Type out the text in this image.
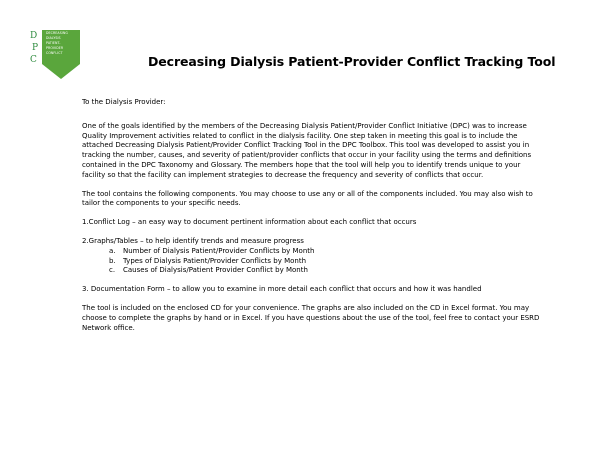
D
P
C
DECREASING
DIALYSIS
PATIENT-
PROVIDER
CONFLICT
Decreasing Dialysis Patient-Provider Conflict Tracking Tool

To the Dialysis Provider:

One of the goals identified by the members of the Decreasing Dialysis Patient/Provider Conflict Initiative (DPC) was to increase Quality Improvement activities related to conflict in the dialysis facility. One step taken in meeting this goal is to include the attached Decreasing Dialysis Patient/Provider Conflict Tracking Tool in the DPC Toolbox. This tool was developed to assist you in tracking the number, causes, and severity of patient/provider conflicts that occur in your facility using the terms and definitions contained in the DPC Taxonomy and Glossary. The members hope that the tool will help you to identify trends unique to your facility so that the facility can implement strategies to decrease the frequency and severity of conflicts that occur.

The tool contains the following components. You may choose to use any or all of the components included. You may also wish to tailor the components to your specific needs.

1.Conflict Log – an easy way to document pertinent information about each conflict that occurs

2.Graphs/Tables – to help identify trends and measure progress

a. Number of Dialysis Patient/Provider Conflicts by Month
b. Types of Dialysis Patient/Provider Conflicts by Month
c. Causes of Dialysis/Patient Provider Conflict by Month

3. Documentation Form – to allow you to examine in more detail each conflict that occurs and how it was handled

The tool is included on the enclosed CD for your convenience. The graphs are also included on the CD in Excel format. You may choose to complete the graphs by hand or in Excel. If you have questions about the use of the tool, feel free to contact your ESRD Network office.
